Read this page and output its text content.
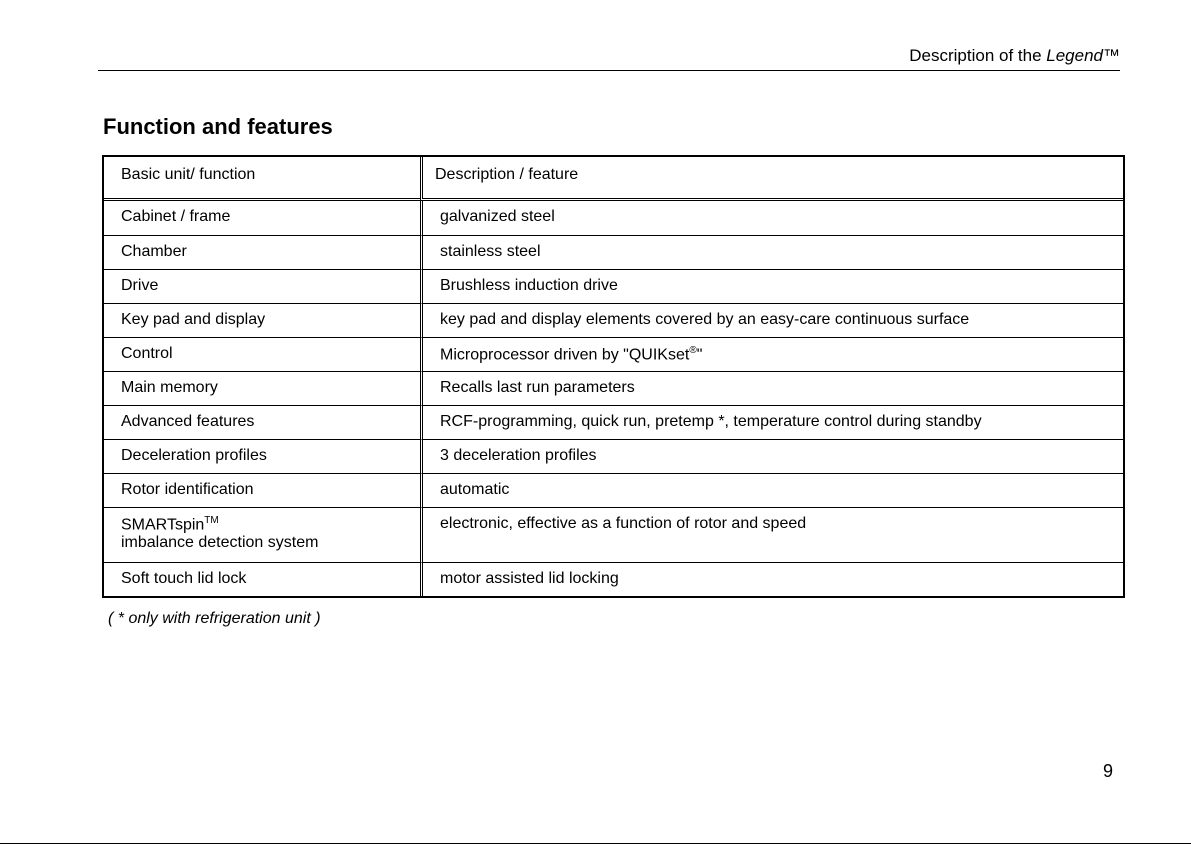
Description of the Legend™
Function and features
Basic unit/ function	Description / feature
Cabinet / frame	galvanized steel
Chamber	stainless steel
Drive	Brushless induction drive
Key pad and display	key pad and display elements covered by an easy-care continuous surface
Control	Microprocessor driven by "QUIKset®"
Main memory	Recalls last run parameters
Advanced features	RCF-programming, quick run, pretemp *, temperature control during standby
Deceleration profiles	3 deceleration profiles
Rotor identification	automatic
SMARTspin™
imbalance detection system	electronic, effective as a function of rotor and speed
Soft touch lid lock	motor assisted lid locking
( * only with refrigeration unit )
9
